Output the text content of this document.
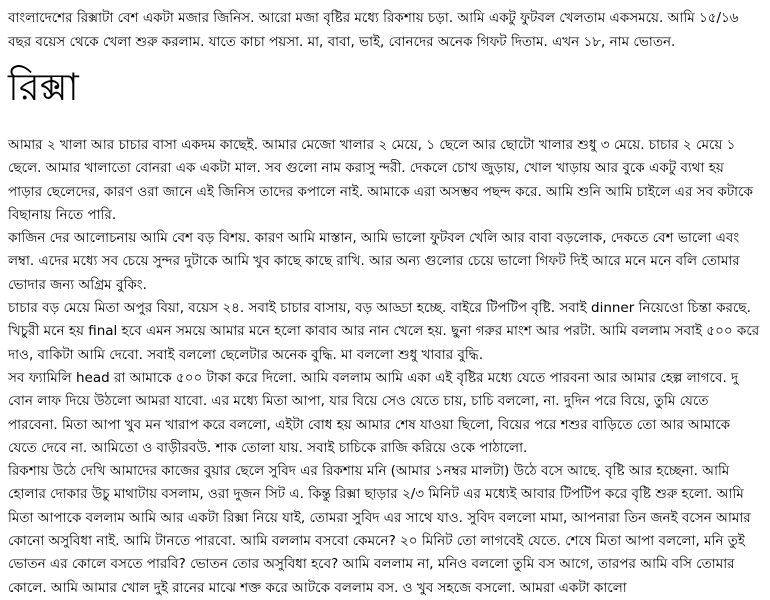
বাংলাদেশের রিক্সাটা বেশ একটা মজার জিনিস. আরো মজা বৃষ্টির মধ্যে রিকশায় চড়া. আমি একটু ফুটবল খেলতাম একসময়ে. আমি ১৫/১৬ বছর বয়েস থেকে খেলা শুরু করলাম. যাতে কাচা পয়সা. মা, বাবা, ভাই, বোনদের অনেক গিফট দিতাম. এখন ১৮, নাম ভোতন.

রিক্সা

আমার ২ খালা আর চাচার বাসা একদম কাছেই. আমার মেজো খালার ২ মেয়ে, ১ ছেলে আর ছোটো খালার শুধু ৩ মেয়ে. চাচার ২ মেয়ে ১ ছেলে. আমার খালাতো বোনরা এক একটা মাল. সব গুলো নাম করাসু ন্দরী. দেকলে চোখ জুড়ায়, খোল খাড়ায় আর বুকে একটু ব্যথা হয় পাড়ার ছেলেদের, কারণ ওরা জানে এই জিনিস তাদের কপালে নাই. আমাকে এরা অসম্ভব পছন্দ করে. আমি শুনি আমি চাইলে এর সব কটাকে বিছানায় নিতে পারি.

কাজিন দের আলোচনায় আমি বেশ বড় বিশয়. কারণ আমি মাস্তান, আমি ভালো ফুটবল খেলি আর বাবা বড়লোক, দেকতে বেশ ভালো এবং লম্বা. এদের মধ্যে সব চেয়ে সুন্দর দুটাকে আমি খুব কাছে কাছে রাখি. আর অন্য গুলোর চেয়ে ভালো গিফট দিই আরে মনে মনে বলি তোমার ভোদার জন্য অগ্রিম বুকিং.

চাচার বড় মেয়ে মিতা অপুর বিয়া, বয়েস ২৪. সবাই চাচার বাসায়, বড় আড্ডা হচ্ছে. বাইরে টিপটিপ বৃষ্টি. সবাই dinner নিয়েওো চিন্তা করছে. খিচুরী মনে হয় final হবে এমন সময়ে আমার মনে হলো কাবাব আর নান খেলে হয়. ছুনা গরুর মাংশ আর পরটা. আমি বললাম সবাই ৫০০ করে দাও, বাকিটা আমি দেবো. সবাই বললো ছেলেটার অনেক বুদ্ধি. মা বললো শুধু খাবার বুদ্ধি.

সব ফ্যামিলি head রা আমাকে ৫০০ টাকা করে দিলো. আমি বললাম আমি একা এই বৃষ্টির মধ্যে যেতে পারবনা আর আমার হেল্প লাগবে. দু বোন লাফ দিয়ে উঠলো আমরা যাবো. এর মধ্যে মিতা আপা, যার বিয়ে সেও যেতে চায়, চাচি বললো, না. দুদিন পরে বিয়ে, তুমি যেতে পারবেনা. মিতা আপা খুব মন খারাপ করে বললো, এইটা বোধ হয় আমার শেষ যাওয়া ছিলো, বিয়ের পরে শশুর বাড়িতে তো আর আমাকে যেতে দেবে না. আমিতো ও বাড়ীরবউ. শাক তোলা যায়. সবাই চাচিকে রাজি করিয়ে ওকে পাঠালো.

রিকশায় উঠে দেখি আমাদের কাজের বুয়ার ছেলে সুবিদ এর রিকশায় মনি (আমার ১নম্বর মালটা) উঠে বসে আছে. বৃষ্টি আর হচ্ছেনা. আমি হোলার দোকার উচু মাথাটায় বসলাম, ওরা দুজন সিট এ. কিন্তু রিক্সা ছাড়ার ২/৩ মিনিট এর মধ্যেই আবার টিপটিপ করে বৃষ্টি শুরু হলো. আমি মিতা আপাকে বললাম আমি আর একটা রিক্সা নিয়ে যাই, তোমরা সুবিদ এর সাথে যাও. সুবিদ বললো মামা, আপনারা তিন জনই বসেন আমার কোনো অসুবিধা নাই. আমি টানতে পারবো. আমি বললাম বসবো কেমনে? ২০ মিনিট তো লাগবেই যেতে. শেষে মিতা আপা বললো, মনি তুই ভোতন এর কোলে বসতে পারবি? ভোতন তোর অসুবিধা হবে? আমি বললাম না, মনিও বললো তুমি বস আগে, তারপর আমি বসি তোমার কোলে. আমি আমার খোল দুই রানের মাঝে শক্ত করে আটকে বললাম বস. ও খুব সহজে বসলো. আমরা একটা কালো
